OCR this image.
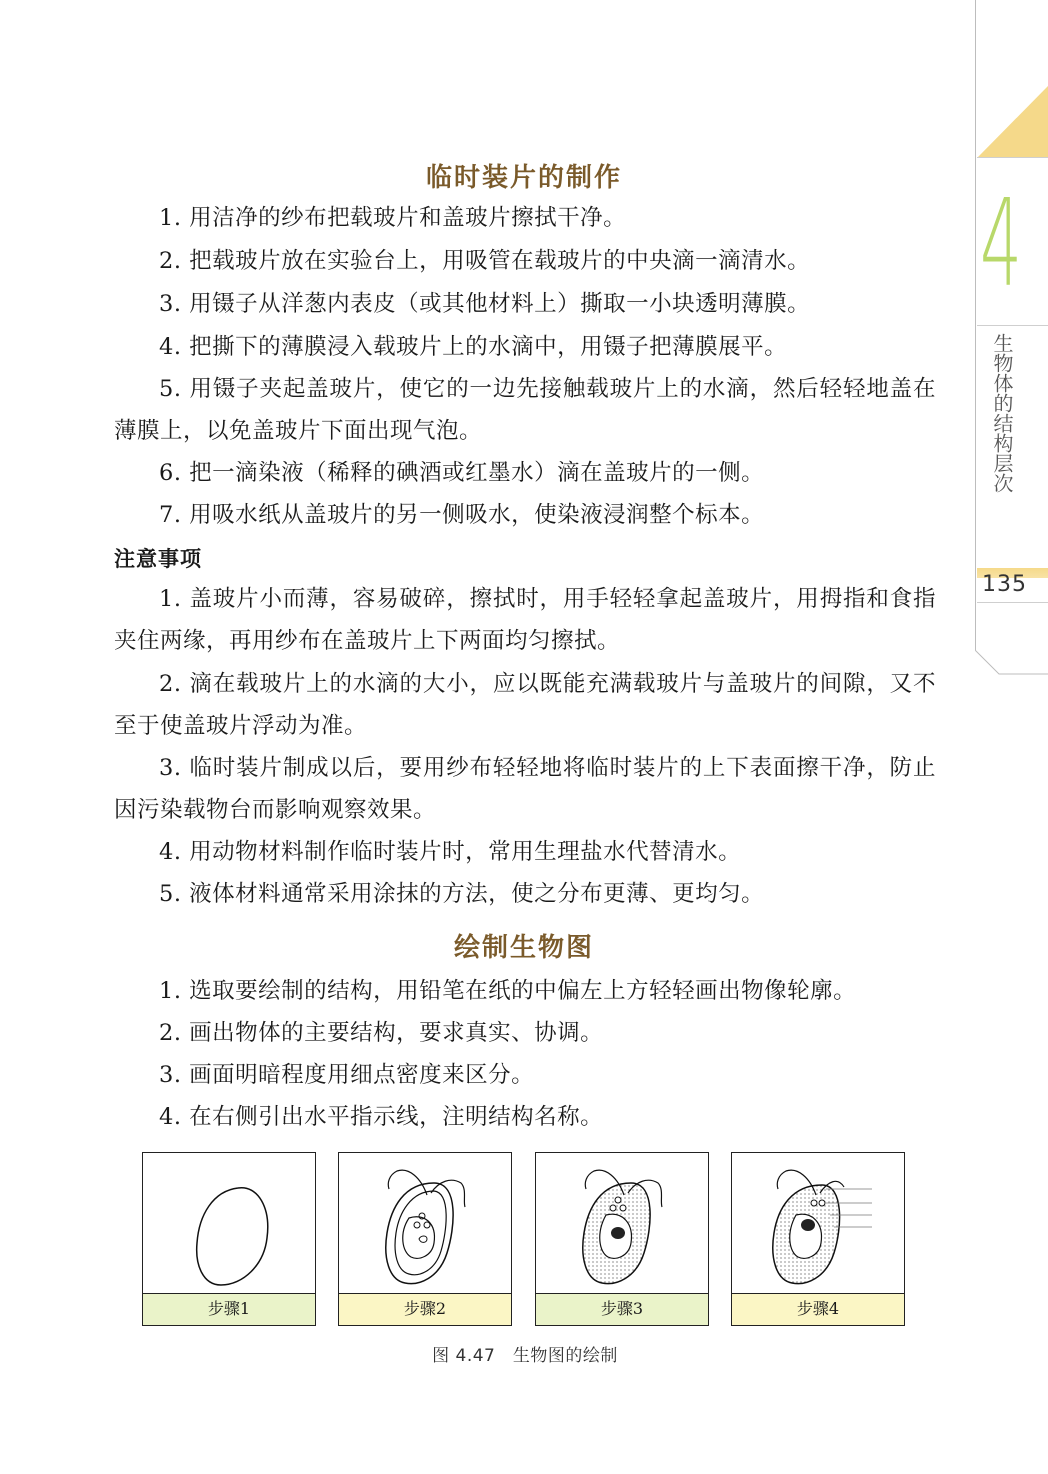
4
生物体的结构层次
135
临时装片的制作

1. 用洁净的纱布把载玻片和盖玻片擦拭干净。

2. 把载玻片放在实验台上，用吸管在载玻片的中央滴一滴清水。

3. 用镊子从洋葱内表皮（或其他材料上）撕取一小块透明薄膜。

4. 把撕下的薄膜浸入载玻片上的水滴中，用镊子把薄膜展平。

5. 用镊子夹起盖玻片，使它的一边先接触载玻片上的水滴，然后轻轻地盖在薄膜上，以免盖玻片下面出现气泡。

6. 把一滴染液（稀释的碘酒或红墨水）滴在盖玻片的一侧。

7. 用吸水纸从盖玻片的另一侧吸水，使染液浸润整个标本。

注意事项

1. 盖玻片小而薄，容易破碎，擦拭时，用手轻轻拿起盖玻片，用拇指和食指夹住两缘，再用纱布在盖玻片上下两面均匀擦拭。

2. 滴在载玻片上的水滴的大小，应以既能充满载玻片与盖玻片的间隙，又不至于使盖玻片浮动为准。

3. 临时装片制成以后，要用纱布轻轻地将临时装片的上下表面擦干净，防止因污染载物台而影响观察效果。

4. 用动物材料制作临时装片时，常用生理盐水代替清水。

5. 液体材料通常采用涂抹的方法，使之分布更薄、更均匀。

绘制生物图

1. 选取要绘制的结构，用铅笔在纸的中偏左上方轻轻画出物像轮廓。

2. 画出物体的主要结构，要求真实、协调。

3. 画面明暗程度用细点密度来区分。

4. 在右侧引出水平指示线，注明结构名称。

步骤1	步骤2	步骤3	步骤4
图 4.47　生物图的绘制
